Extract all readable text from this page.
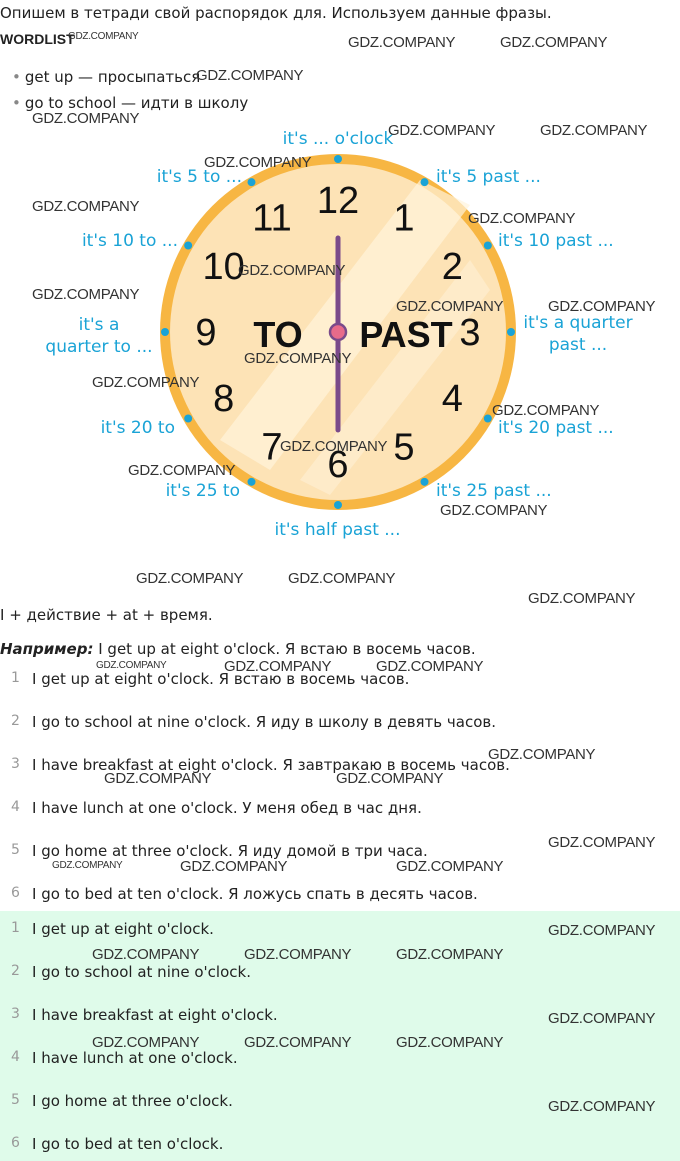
Опишем в тетради свой распорядок для. Используем данные фразы.
WORDLIST
• get up — просыпаться
• go to school — идти в школу
12 1
2
3
4
5
6
7
8
9
10
11
TO PAST
it's ... o'clock
it's 5 past ...
it's 10 past ...
it's a quarter
past ...
it's 20 past ...
it's 25 past ...
it's half past ...
it's 25 to
it's 20 to
it's a
quarter to ...
it's 10 to ...
it's 5 to ...
I + действие + at + время.
Например: I get up at eight o'clock. Я встаю в восемь часов.
1 I get up at eight o'clock. Я встаю в восемь часов.
2 I go to school at nine o'clock. Я иду в школу в девять часов.
3 I have breakfast at eight o'clock. Я завтракаю в восемь часов.
4 I have lunch at one o'clock. У меня обед в час дня.
5 I go home at three o'clock. Я иду домой в три часа.
6 I go to bed at ten o'clock. Я ложусь спать в десять часов.
1 I get up at eight o'clock.
2 I go to school at nine o'clock.
3 I have breakfast at eight o'clock.
4 I have lunch at one o'clock.
5 I go home at three o'clock.
6 I go to bed at ten o'clock.
GDZ.COMPANY	GDZ.COMPANY
GDZ.COMPANY
GDZ.COMPANY
GDZ.COMPANY	GDZ.COMPANY
GDZ.COMPANY
GDZ.COMPANY
GDZ.COMPANY
GDZ.COMPANY
GDZ.COMPANY
GDZ.COMPANY	GDZ.COMPANY
GDZ.COMPANY
GDZ.COMPANY
GDZ.COMPANY
GDZ.COMPANY
GDZ.COMPANY
GDZ.COMPANY
GDZ.COMPANY	GDZ.COMPANY
GDZ.COMPANY
GDZ.COMPANY	GDZ.COMPANY
GDZ.COMPANY
GDZ.COMPANY	GDZ.COMPANY
GDZ.COMPANY
GDZ.COMPANY	GDZ.COMPANY
GDZ.COMPANY
GDZ.COMPANY	GDZ.COMPANY	GDZ.COMPANY
GDZ.COMPANY
GDZ.COMPANY	GDZ.COMPANY	GDZ.COMPANY
GDZ.COMPANY
GDZ.COMPANY
GDZ.COMPANY
GDZ.COMPANY
